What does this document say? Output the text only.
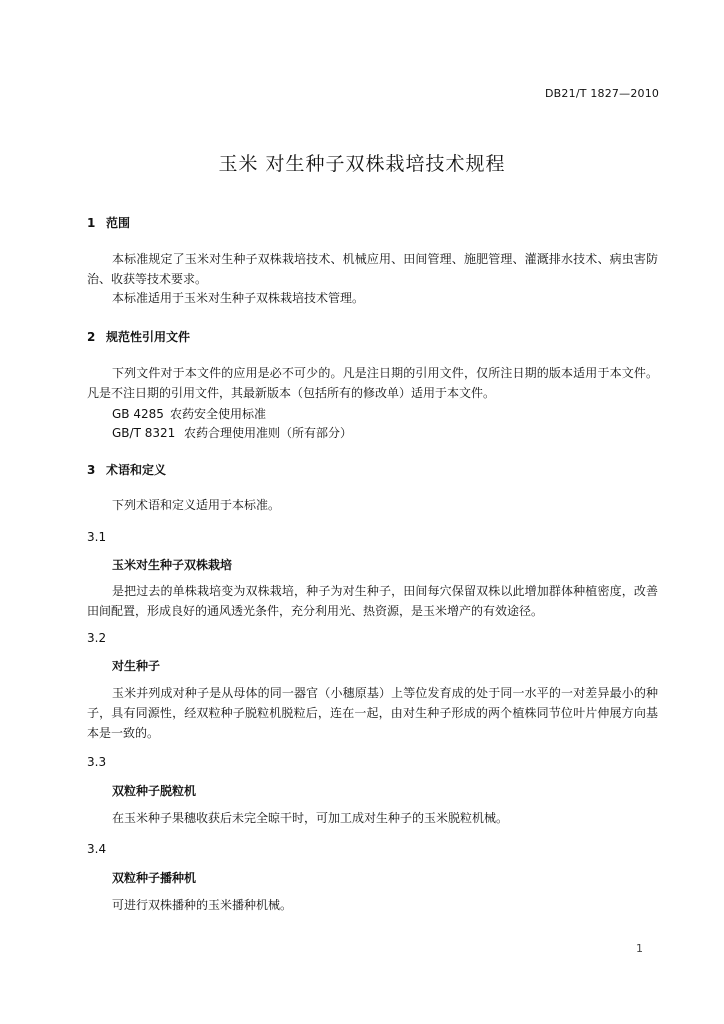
DB21/T 1827—2010
玉米 对生种子双株栽培技术规程
1 范围
本标准规定了玉米对生种子双株栽培技术、机械应用、田间管理、施肥管理、灌溉排水技术、病虫害防治、收获等技术要求。
本标准适用于玉米对生种子双株栽培技术管理。
2 规范性引用文件
下列文件对于本文件的应用是必不可少的。凡是注日期的引用文件，仅所注日期的版本适用于本文件。凡是不注日期的引用文件，其最新版本（包括所有的修改单）适用于本文件。
GB 4285 农药安全使用标准
GB/T 8321 农药合理使用准则（所有部分）
3 术语和定义
下列术语和定义适用于本标准。
3.1
玉米对生种子双株栽培
是把过去的单株栽培变为双株栽培，种子为对生种子，田间每穴保留双株以此增加群体种植密度，改善田间配置，形成良好的通风透光条件，充分利用光、热资源，是玉米增产的有效途径。
3.2
对生种子
玉米并列成对种子是从母体的同一器官（小穗原基）上等位发育成的处于同一水平的一对差异最小的种子，具有同源性，经双粒种子脱粒机脱粒后，连在一起，由对生种子形成的两个植株同节位叶片伸展方向基本是一致的。
3.3
双粒种子脱粒机
在玉米种子果穗收获后未完全晾干时，可加工成对生种子的玉米脱粒机械。
3.4
双粒种子播种机
可进行双株播种的玉米播种机械。
1
